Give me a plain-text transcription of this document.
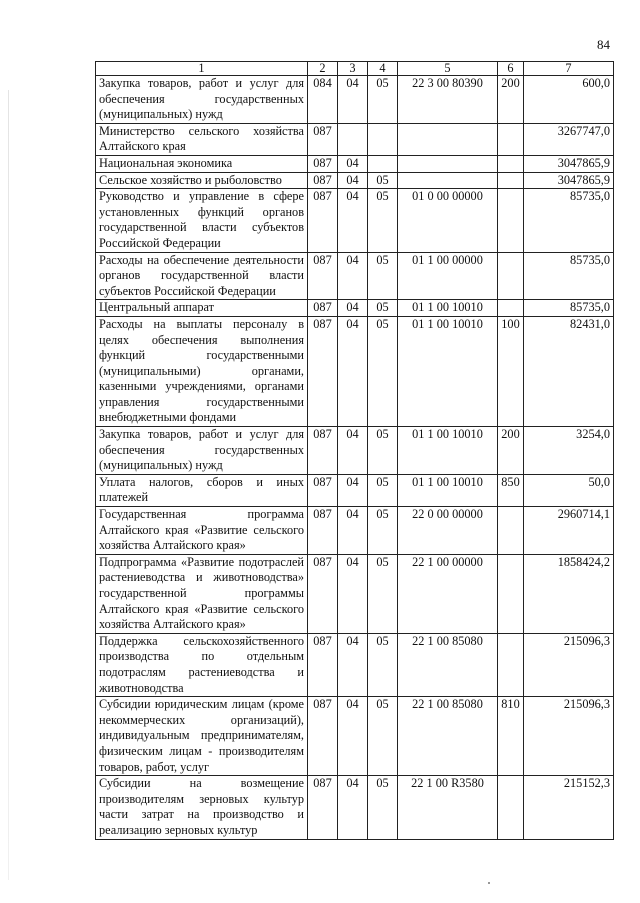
84
1	2	3	4	5	6	7
Закупка товаров, работ и услуг для обеспечения государственных (муниципальных) нужд	084	04	05	22 3 00 80390	200	600,0
Министерство сельского хозяйства Алтайского края	087					3267747,0
Национальная экономика	087	04				3047865,9
Сельское хозяйство и рыболовство	087	04	05			3047865,9
Руководство и управление в сфере установленных функций органов государственной власти субъектов Российской Федерации	087	04	05	01 0 00 00000		85735,0
Расходы на обеспечение деятельности органов государственной власти субъектов Российской Федерации	087	04	05	01 1 00 00000		85735,0
Центральный аппарат	087	04	05	01 1 00 10010		85735,0
Расходы на выплаты персоналу в целях обеспечения выполнения функций государственными (муниципальными) органами, казенными учреждениями, органами управления государственными внебюджетными фондами	087	04	05	01 1 00 10010	100	82431,0
Закупка товаров, работ и услуг для обеспечения государственных (муниципальных) нужд	087	04	05	01 1 00 10010	200	3254,0
Уплата налогов, сборов и иных платежей	087	04	05	01 1 00 10010	850	50,0
Государственная программа Алтайского края «Развитие сельского хозяйства Алтайского края»	087	04	05	22 0 00 00000		2960714,1
Подпрограмма «Развитие подотраслей растениеводства и животноводства» государственной программы Алтайского края «Развитие сельского хозяйства Алтайского края»	087	04	05	22 1 00 00000		1858424,2
Поддержка сельскохозяйственного производства по отдельным подотраслям растениеводства и животноводства	087	04	05	22 1 00 85080		215096,3
Субсидии юридическим лицам (кроме некоммерческих организаций), индивидуальным предпринимателям, физическим лицам - производителям товаров, работ, услуг	087	04	05	22 1 00 85080	810	215096,3
Субсидии на возмещение производителям зерновых культур части затрат на производство и реализацию зерновых культур	087	04	05	22 1 00 R3580		215152,3
